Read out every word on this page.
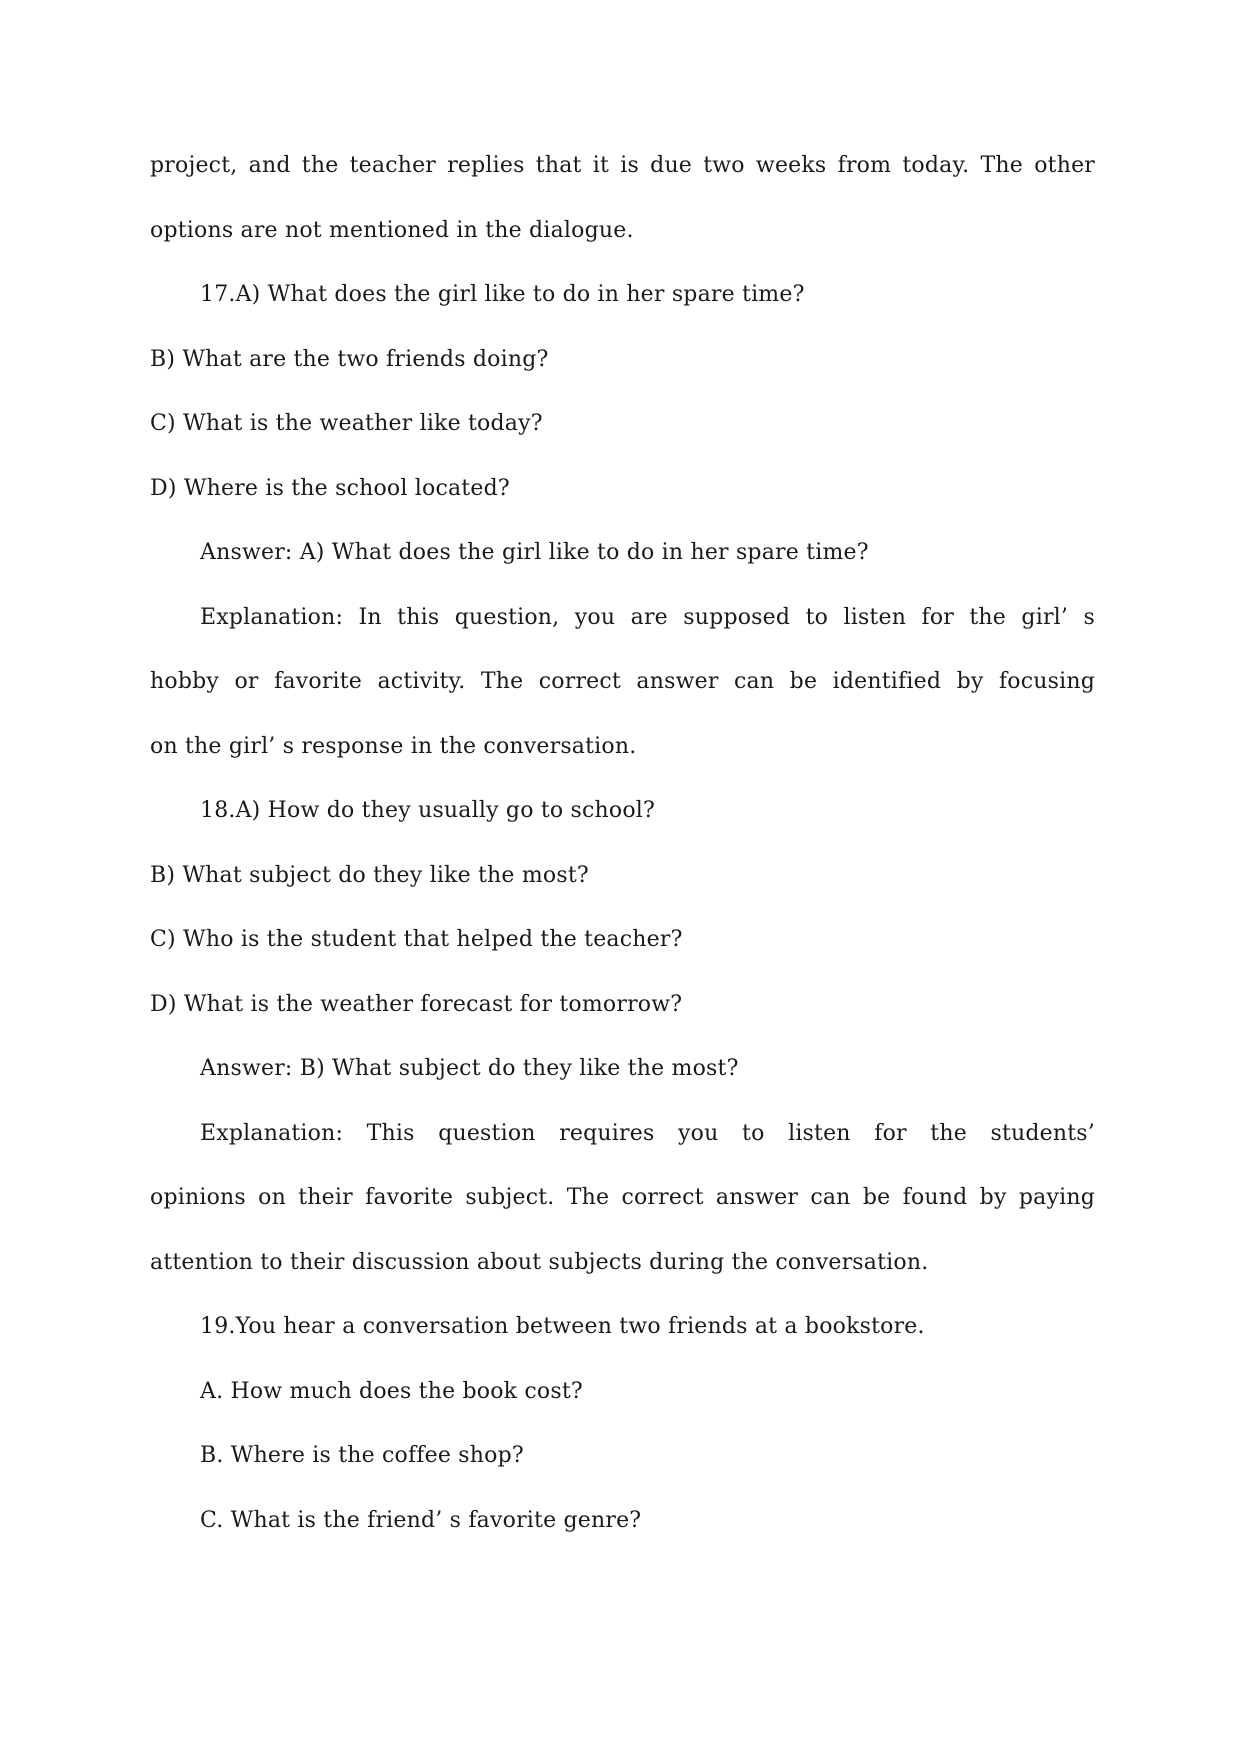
project, and the teacher replies that it is due two weeks from today. The other
options are not mentioned in the dialogue.
17.A) What does the girl like to do in her spare time?
B) What are the two friends doing?
C) What is the weather like today?
D) Where is the school located?
Answer: A) What does the girl like to do in her spare time?
Explanation: In this question, you are supposed to listen for the girl’ s
hobby or favorite activity. The correct answer can be identified by focusing
on the girl’ s response in the conversation.
18.A) How do they usually go to school?
B) What subject do they like the most?
C) Who is the student that helped the teacher?
D) What is the weather forecast for tomorrow?
Answer: B) What subject do they like the most?
Explanation: This question requires you to listen for the students’
opinions on their favorite subject. The correct answer can be found by paying
attention to their discussion about subjects during the conversation.
19.You hear a conversation between two friends at a bookstore.
A. How much does the book cost?
B. Where is the coffee shop?
C. What is the friend’ s favorite genre?
